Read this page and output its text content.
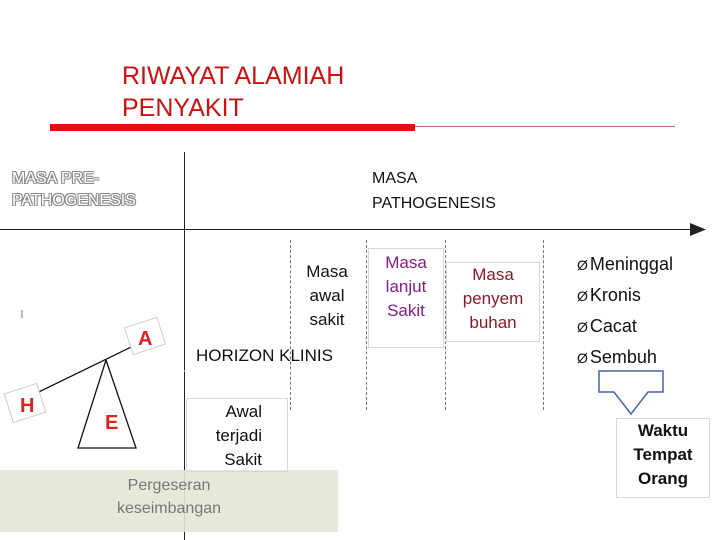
RIWAYAT ALAMIAH
PENYAKIT
MASA PRE-
PATHOGENESIS
MASA
PATHOGENESIS
Masa
awal
sakit
Masa
lanjut
Sakit
Masa
penyem
buhan
HORIZON KLINIS
Pergeseran
keseimbangan
A
H
E
Awal
terjadi
Sakit
Ø Meninggal
Ø Kronis
Ø Cacat
Ø Sembuh
Waktu
Tempat
Orang
